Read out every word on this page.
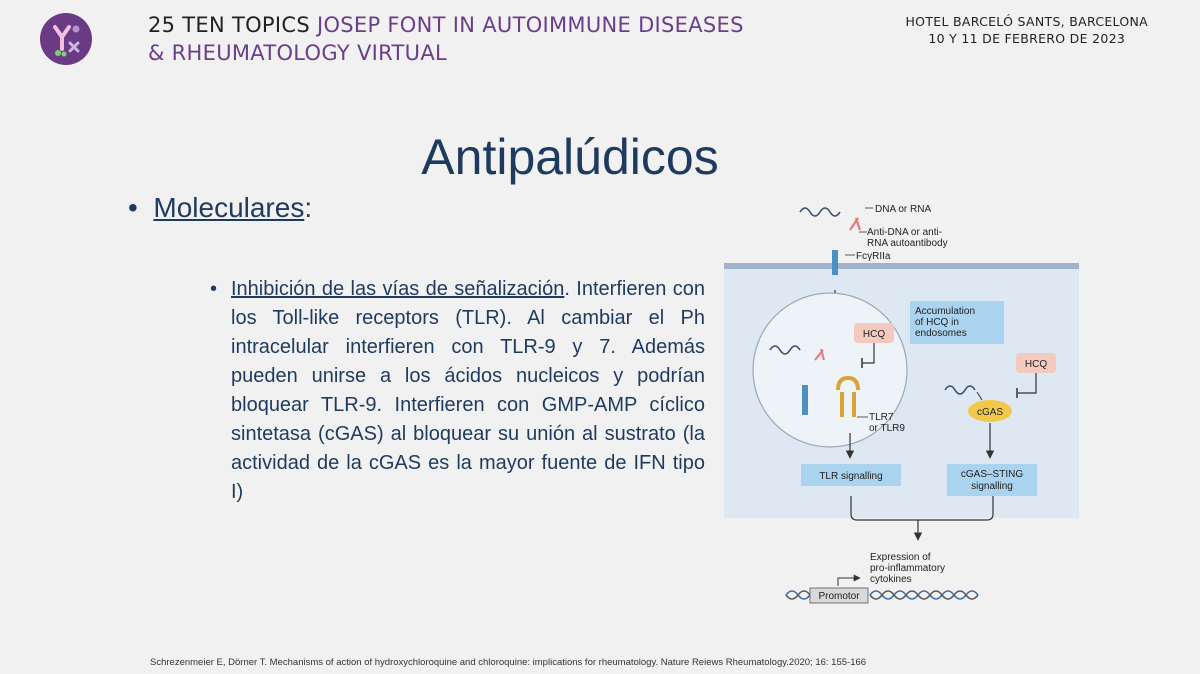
25 TEN TOPICS JOSEP FONT IN AUTOIMMUNE DISEASES
& RHEUMATOLOGY VIRTUAL
HOTEL BARCELÓ SANTS, BARCELONA
10 Y 11 DE FEBRERO DE 2023
Antipalúdicos
•  Moleculares:
• Inhibición de las vías de señalización. Interfieren con los Toll-like receptors (TLR). Al cambiar el Ph intracelular interfieren con TLR-9 y 7. Además pueden unirse a los ácidos nucleicos y podrían bloquear TLR-9. Interfieren con GMP-AMP cíclico sintetasa (cGAS) al bloquear su unión al sustrato (la actividad de la cGAS es la mayor fuente de IFN tipo I)
DNA or RNA
Anti-DNA or anti-
RNA autoantibody
FcγRIIa
Accumulation
of HCQ in
endosomes
HCQ
TLR7
or TLR9
HCQ
cGAS
TLR signalling	cGAS–STING
signalling
Expression of
pro-inflammatory
cytokines
Promotor
Schrezenmeier E, Dörner T. Mechanisms of action of hydroxychloroquine and chloroquine: implications for rheumatology. Nature Reiews Rheumatology.2020; 16: 155-166
